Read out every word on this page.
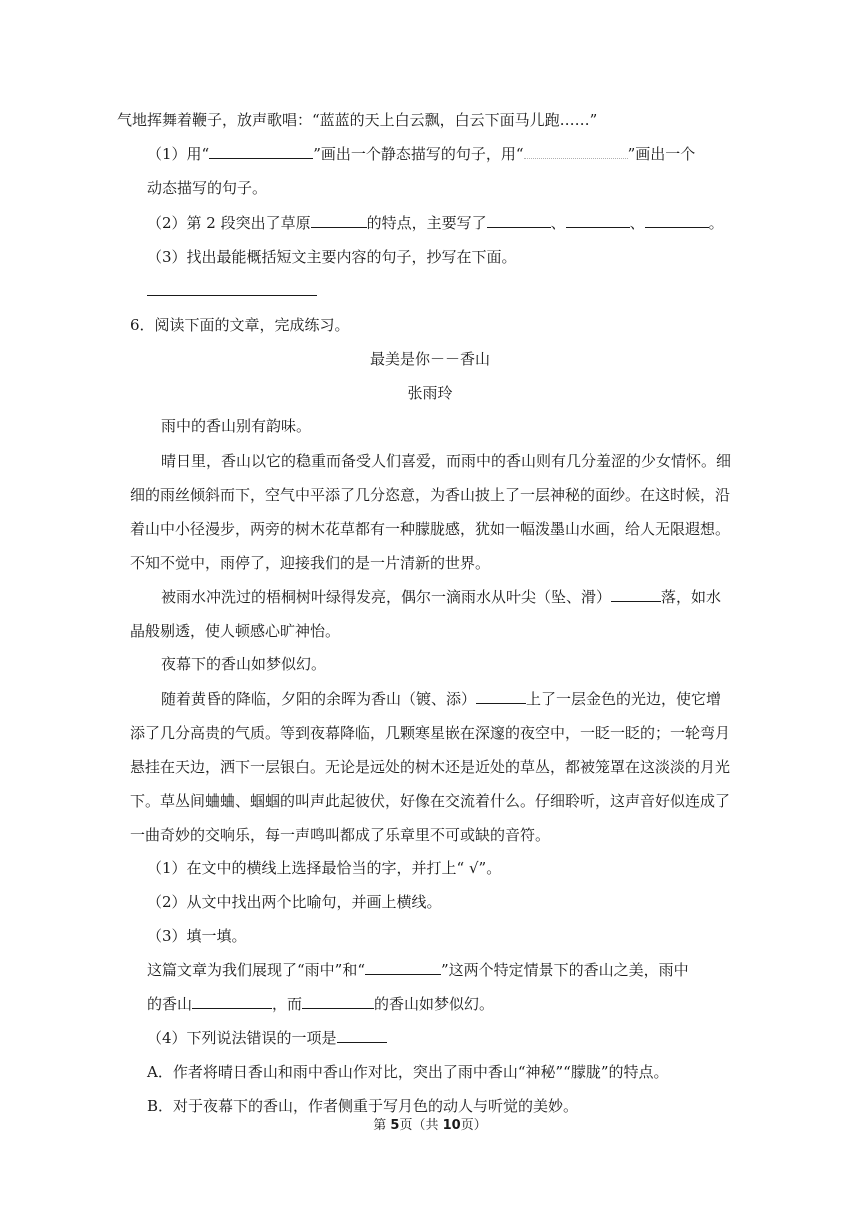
气地挥舞着鞭子，放声歌唱：“蓝蓝的天上白云飘，白云下面马儿跑……”
（1）用“	”画出一个静态描写的句子，用“	”画出一个
动态描写的句子。
（2）第 2 段突出了草原	的特点，主要写了	、	、	。
（3）找出最能概括短文主要内容的句子，抄写在下面。
6．阅读下面的文章，完成练习。
最美是你－－香山
张雨玲
雨中的香山别有韵味。
晴日里，香山以它的稳重而备受人们喜爱，而雨中的香山则有几分羞涩的少女情怀。细
细的雨丝倾斜而下，空气中平添了几分恣意，为香山披上了一层神秘的面纱。在这时候，沿
着山中小径漫步，两旁的树木花草都有一种朦胧感，犹如一幅泼墨山水画，给人无限遐想。
不知不觉中，雨停了，迎接我们的是一片清新的世界。
被雨水冲洗过的梧桐树叶绿得发亮，偶尔一滴雨水从叶尖（坠、滑）	落，如水
晶般剔透，使人顿感心旷神怡。
夜幕下的香山如梦似幻。
随着黄昏的降临，夕阳的余晖为香山（镀、添）	上了一层金色的光边，使它增
添了几分高贵的气质。等到夜幕降临，几颗寒星嵌在深邃的夜空中，一眨一眨的；一轮弯月
悬挂在天边，洒下一层银白。无论是远处的树木还是近处的草丛，都被笼罩在这淡淡的月光
下。草丛间蛐蛐、蝈蝈的叫声此起彼伏，好像在交流着什么。仔细聆听，这声音好似连成了
一曲奇妙的交响乐，每一声鸣叫都成了乐章里不可或缺的音符。
（1）在文中的横线上选择最恰当的字，并打上“ √”。
（2）从文中找出两个比喻句，并画上横线。
（3）填一填。
这篇文章为我们展现了“雨中”和“	”这两个特定情景下的香山之美，雨中
的香山	，而	的香山如梦似幻。
（4）下列说法错误的一项是
A．作者将晴日香山和雨中香山作对比，突出了雨中香山“神秘”“朦胧”的特点。
B．对于夜幕下的香山，作者侧重于写月色的动人与听觉的美妙。
第 5页（共 10页）
